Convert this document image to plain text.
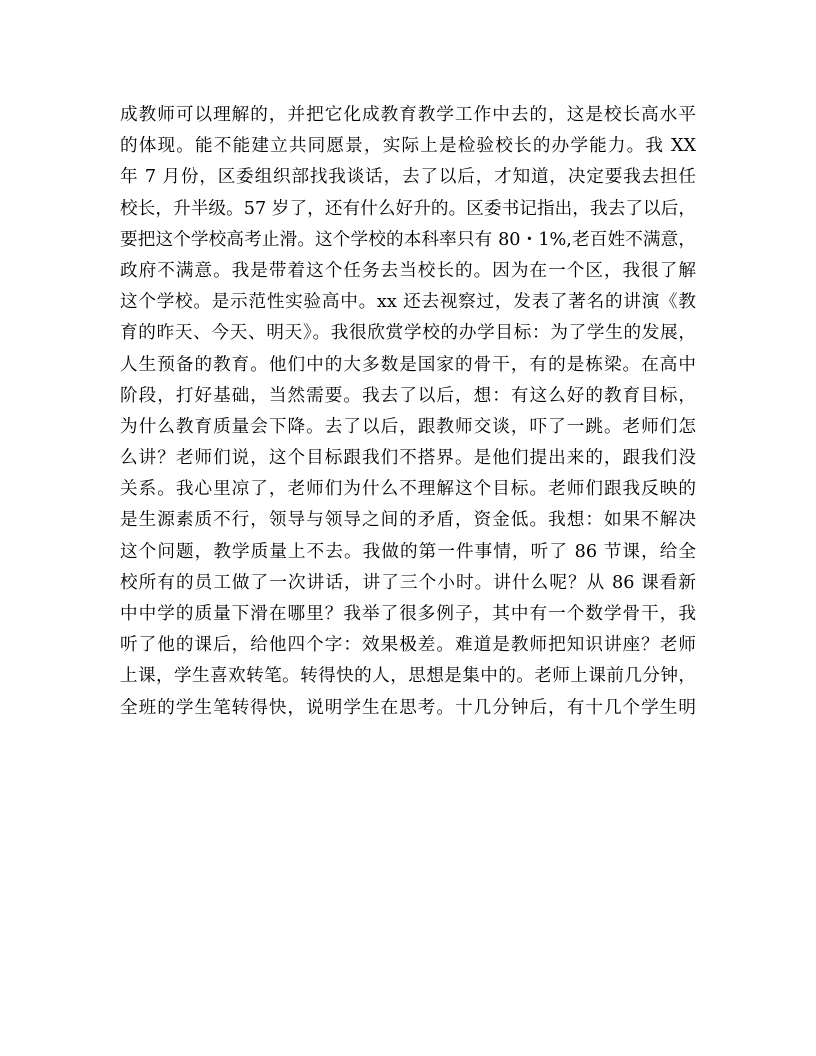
成教师可以理解的，并把它化成教育教学工作中去的，这是校长高水平
的体现。能不能建立共同愿景，实际上是检验校长的办学能力。我 XX
年 7 月份，区委组织部找我谈话，去了以后，才知道，决定要我去担任
校长，升半级。57 岁了，还有什么好升的。区委书记指出，我去了以后，
要把这个学校高考止滑。这个学校的本科率只有 80・1%,老百姓不满意，
政府不满意。我是带着这个任务去当校长的。因为在一个区，我很了解
这个学校。是示范性实验高中。xx 还去视察过，发表了著名的讲演《教
育的昨天、今天、明天》。我很欣赏学校的办学目标：为了学生的发展，
人生预备的教育。他们中的大多数是国家的骨干，有的是栋梁。在高中
阶段，打好基础，当然需要。我去了以后，想：有这么好的教育目标，
为什么教育质量会下降。去了以后，跟教师交谈，吓了一跳。老师们怎
么讲？老师们说，这个目标跟我们不搭界。是他们提出来的，跟我们没
关系。我心里凉了，老师们为什么不理解这个目标。老师们跟我反映的
是生源素质不行，领导与领导之间的矛盾，资金低。我想：如果不解决
这个问题，教学质量上不去。我做的第一件事情，听了 86 节课，给全
校所有的员工做了一次讲话，讲了三个小时。讲什么呢？从 86 课看新
中中学的质量下滑在哪里？我举了很多例子，其中有一个数学骨干，我
听了他的课后，给他四个字：效果极差。难道是教师把知识讲座？老师
上课，学生喜欢转笔。转得快的人，思想是集中的。老师上课前几分钟，
全班的学生笔转得快，说明学生在思考。十几分钟后，有十几个学生明
